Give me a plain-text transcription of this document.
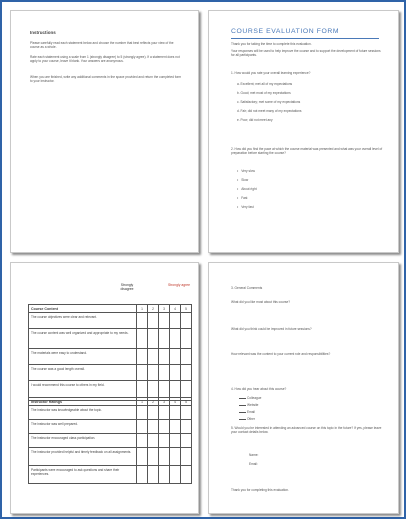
Instructions
Please carefully read each statement below and choose the number that best reflects your view of the course as a whole.
Rate each statement using a scale from 1 (strongly disagree) to 5 (strongly agree). If a statement does not apply to your course, leave it blank. Your answers are anonymous.
When you are finished, write any additional comments in the space provided and return the completed form to your instructor.
COURSE EVALUATION FORM
Thank you for taking the time to complete this evaluation.
Your responses will be used to help improve the course and to support the development of future sessions for all participants.
1. How would you rate your overall learning experience?
a. Excellent; met all of my expectations
b. Good; met most of my expectations
c. Satisfactory; met some of my expectations
d. Fair; did not meet many of my expectations
e. Poor; did not meet any
2. How did you find the pace at which the course material was presented and what was your overall level of preparation before starting the course?
• Very slow
• Slow
• About right
• Fast
• Very fast
Strongly disagree
Strongly agree
Course Content	1	2	3	4	5
The course objectives were clear and relevant.					
The course content was well organized and appropriate to my needs.					
The materials were easy to understand.					
The course was a good length overall.					
I would recommend this course to others in my field.					
Instructor Ratings	1	2	3	4	5
The instructor was knowledgeable about the topic.					
The instructor was well prepared.					
The instructor encouraged class participation.					
The instructor provided helpful and timely feedback on all assignments.					
Participants were encouraged to ask questions and share their experiences.					
3. General Comments
What did you like most about this course?
What did you think could be improved in future sessions?
How relevant was the content to your current role and responsibilities?
4. How did you hear about this course?
Colleague
Website
Email
Other
5. Would you be interested in attending an advanced course on this topic in the future? If yes, please leave your contact details below.
Name:
Email:
Thank you for completing this evaluation.
